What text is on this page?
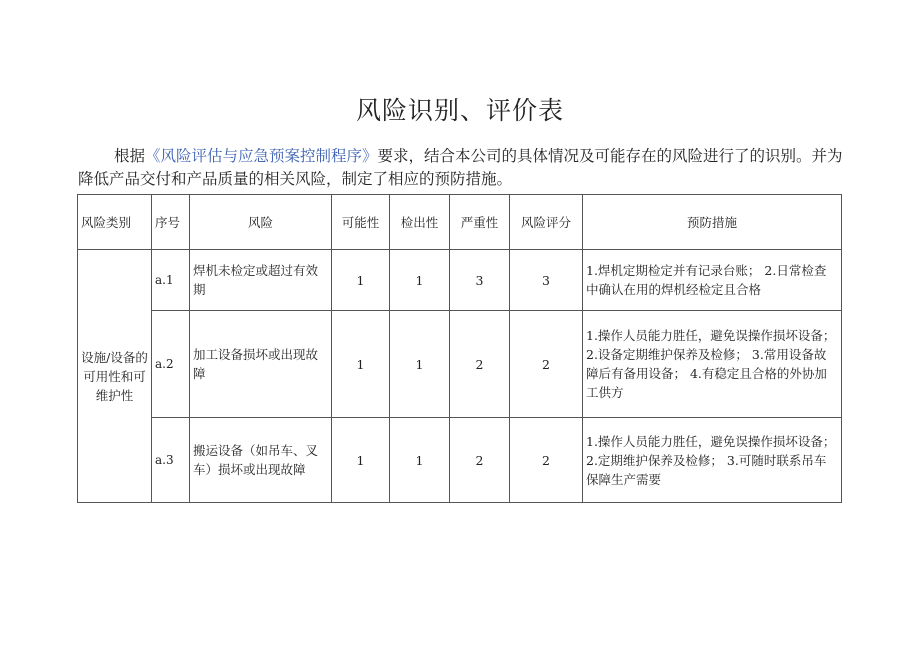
风险识别、评价表
根据《风险评估与应急预案控制程序》要求，结合本公司的具体情况及可能存在的风险进行了的识别。并为降低产品交付和产品质量的相关风险，制定了相应的预防措施。
风险类别	序号	风险	可能性	检出性	严重性	风险评分	预防措施
设施/设备的可用性和可维护性	a.1	焊机未检定或超过有效期	1	1	3	3	1.焊机定期检定并有记录台账； 2.日常检查中确认在用的焊机经检定且合格
	a.2	加工设备损坏或出现故障	1	1	2	2	1.操作人员能力胜任，避免误操作损坏设备； 2.设备定期维护保养及检修； 3.常用设备故障后有备用设备； 4.有稳定且合格的外协加工供方
	a.3	搬运设备（如吊车、叉车）损坏或出现故障	1	1	2	2	1.操作人员能力胜任，避免误操作损坏设备； 2.定期维护保养及检修； 3.可随时联系吊车保障生产需要
